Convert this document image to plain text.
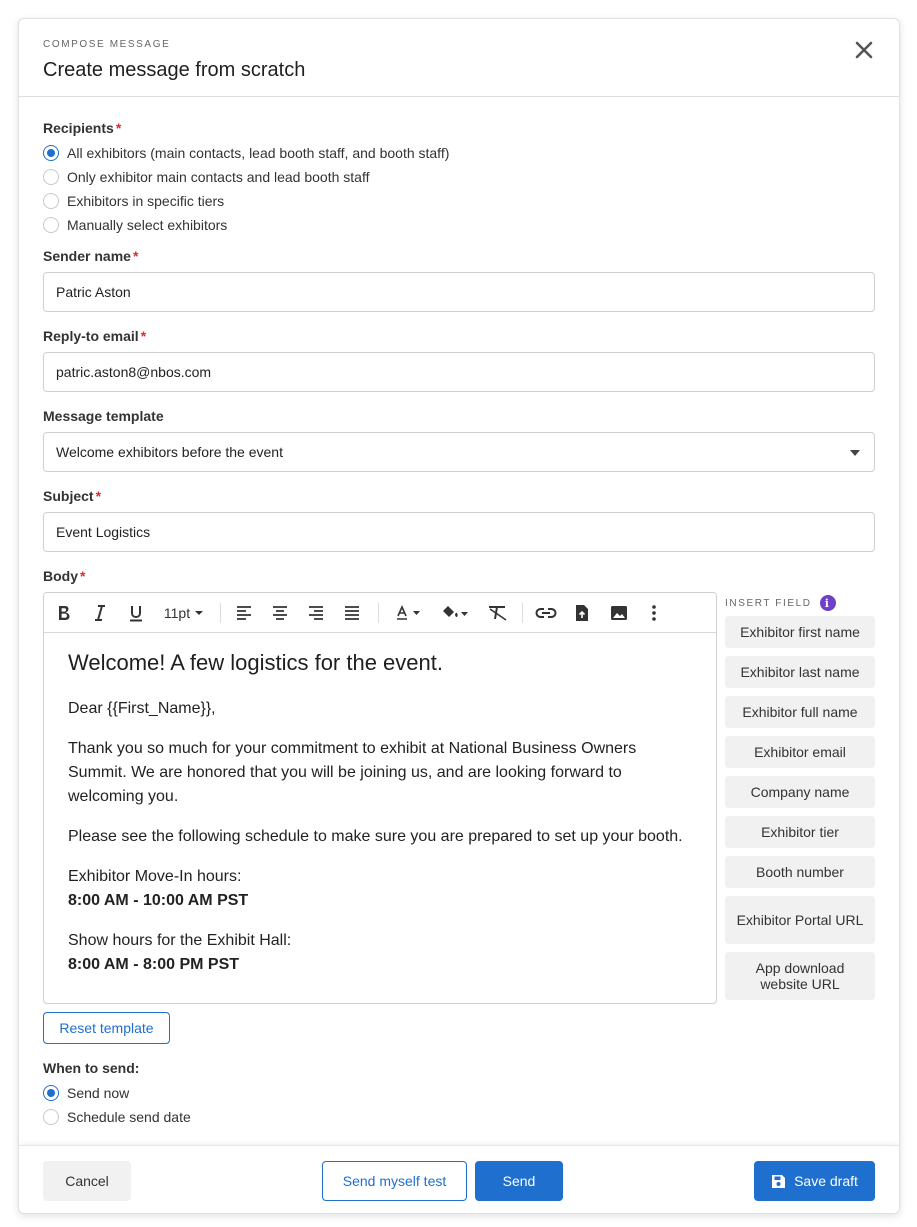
COMPOSE MESSAGE
Create message from scratch
Recipients *
All exhibitors (main contacts, lead booth staff, and booth staff)
Only exhibitor main contacts and lead booth staff
Exhibitors in specific tiers
Manually select exhibitors
Sender name *
Patric Aston
Reply-to email *
patric.aston8@nbos.com
Message template
Welcome exhibitors before the event
Subject *
Event Logistics
Body *
11pt
Welcome! A few logistics for the event.

Dear {{First_Name}},

Thank you so much for your commitment to exhibit at National Business Owners Summit. We are honored that you will be joining us, and are looking forward to welcoming you.

Please see the following schedule to make sure you are prepared to set up your booth.

Exhibitor Move-In hours:
8:00 AM - 10:00 AM PST

Show hours for the Exhibit Hall:
8:00 AM - 8:00 PM PST

INSERT FIELD	i
Exhibitor first name
Exhibitor last name
Exhibitor full name
Exhibitor email
Company name
Exhibitor tier
Booth number
Exhibitor Portal URL
App download website URL
Reset template
When to send:
Send now
Schedule send date
Cancel	Send myself test	Send	Save draft
